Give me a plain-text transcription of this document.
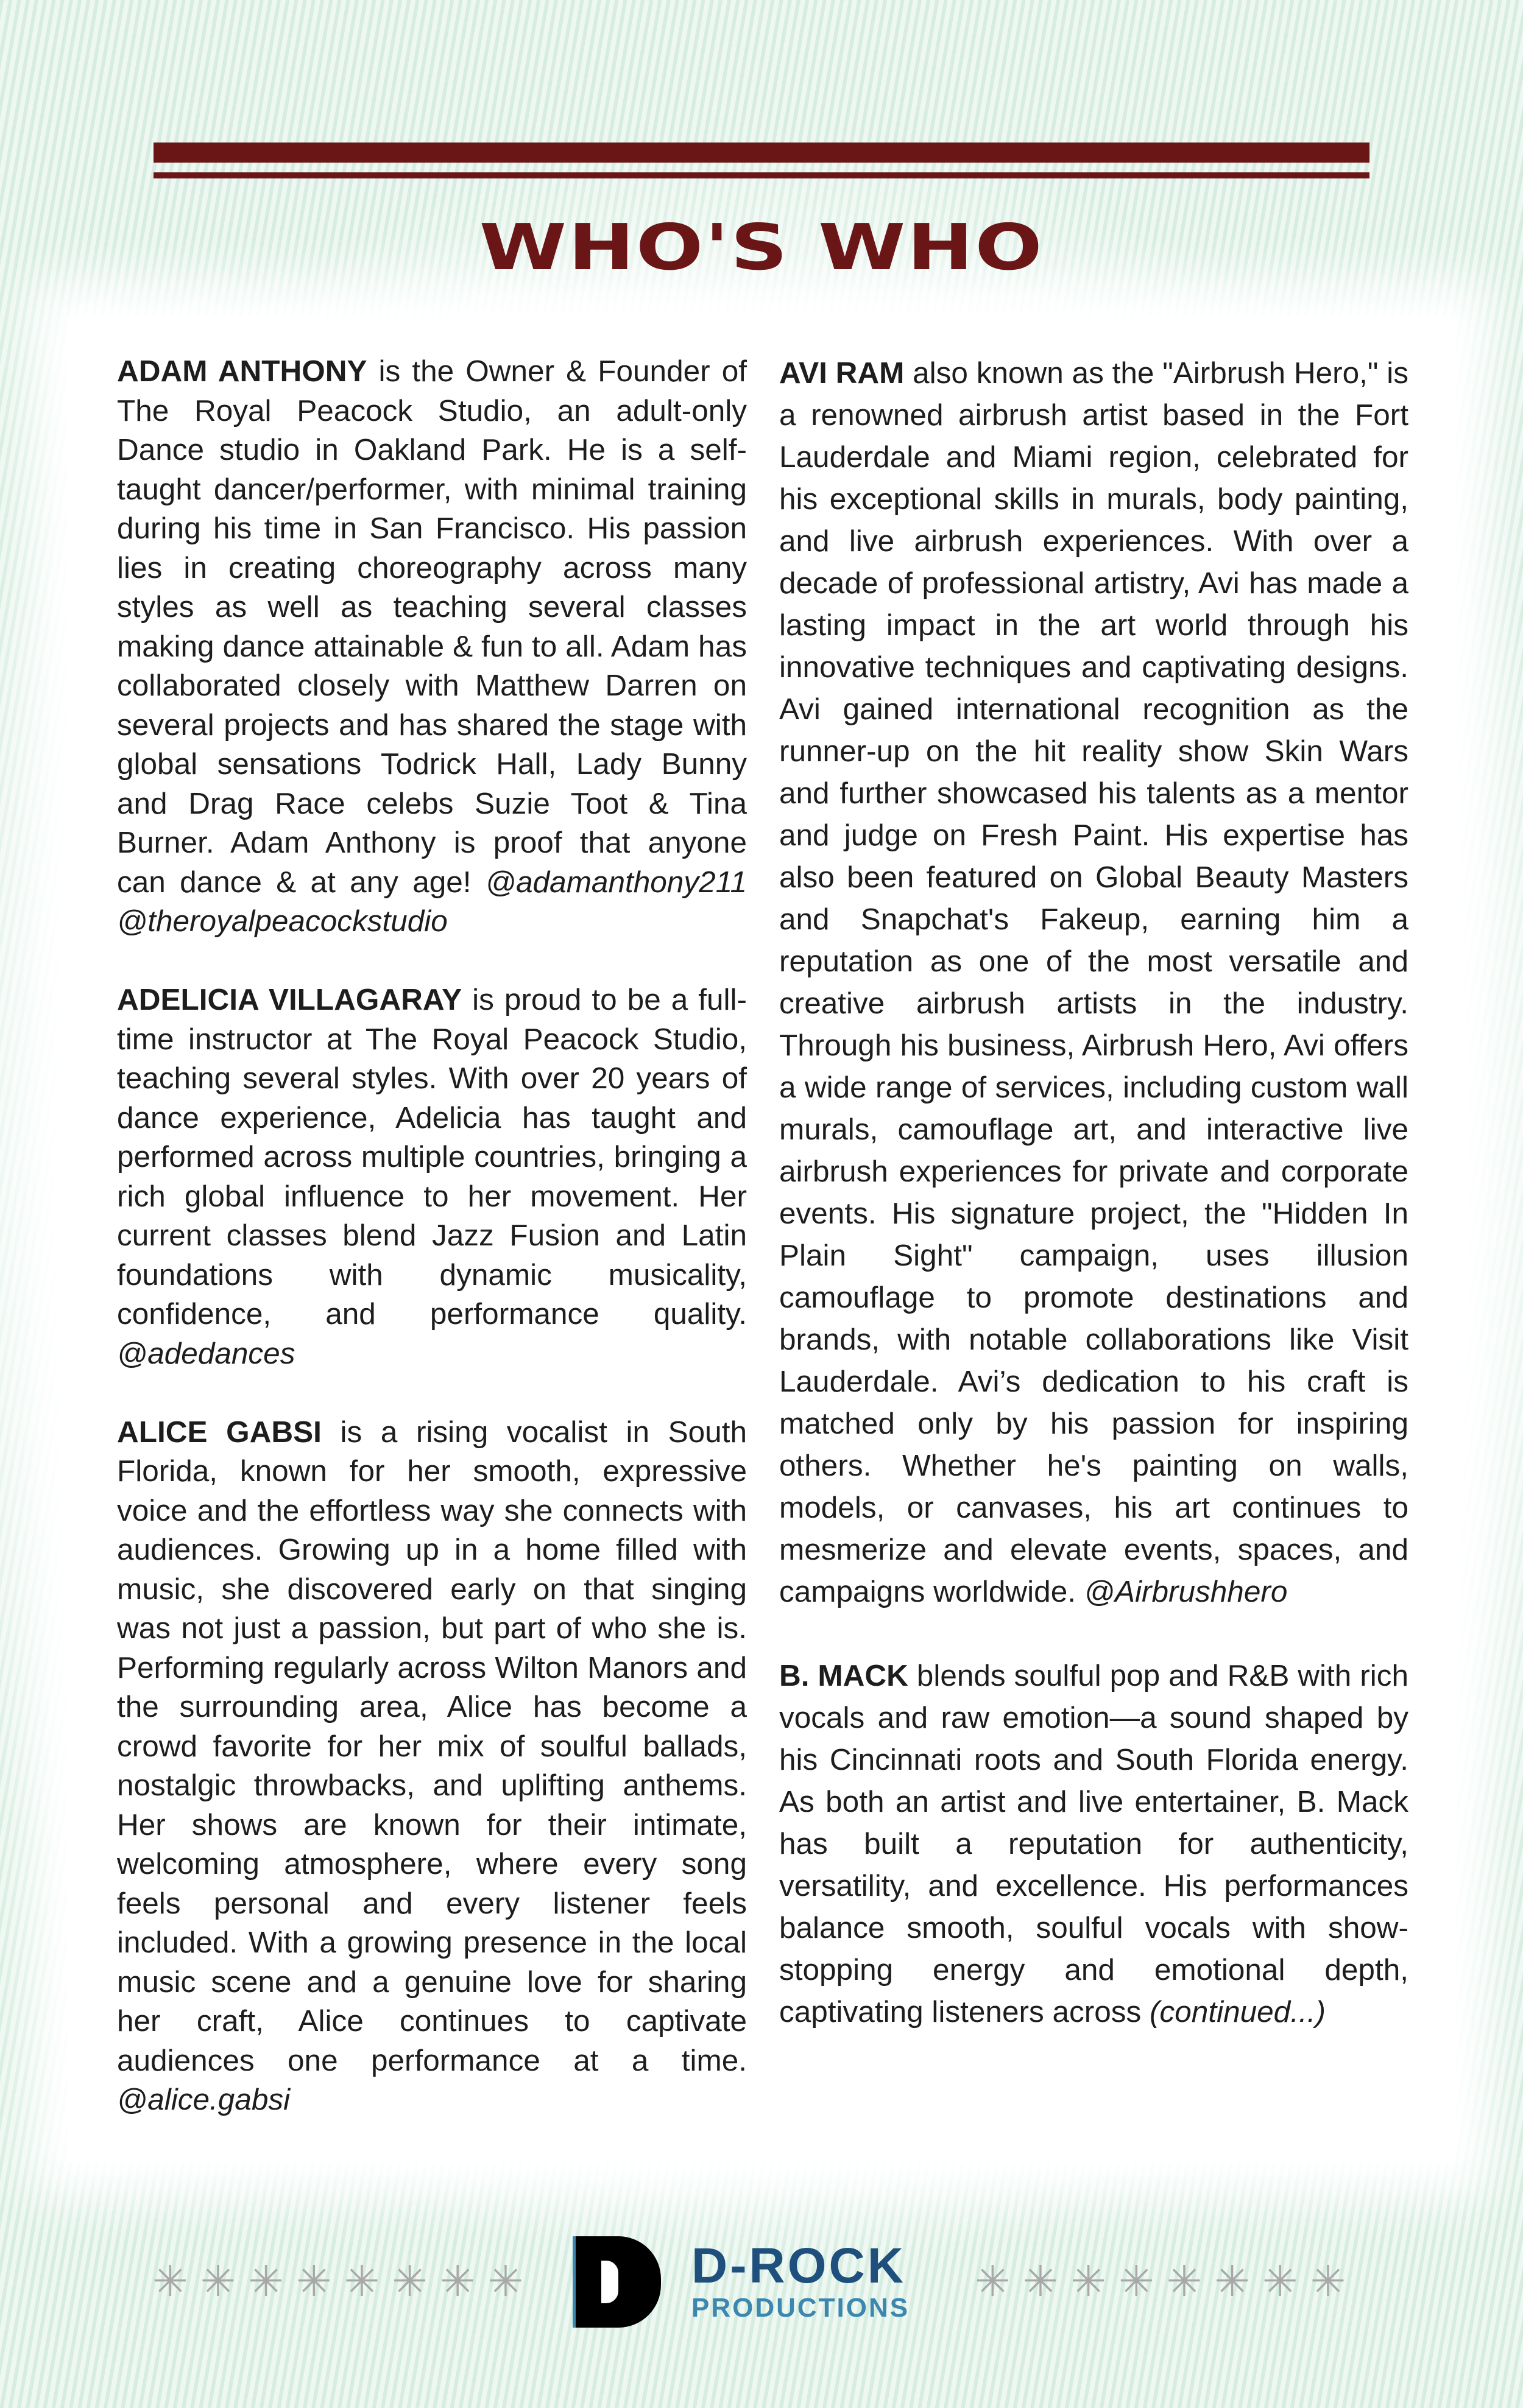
WHO'S WHO

ADAM ANTHONY is the Owner & Founder of The Royal Peacock Studio, an adult-only Dance studio in Oakland Park. He is a self-taught dancer/performer, with minimal training during his time in San Francisco. His passion lies in creating choreography across many styles as well as teaching several classes making dance attainable & fun to all. Adam has collaborated closely with Matthew Darren on several projects and has shared the stage with global sensations Todrick Hall, Lady Bunny and Drag Race celebs Suzie Toot & Tina Burner. Adam Anthony is proof that anyone can dance & at any age! @adamanthony211 @theroyalpeacockstudio

ADELICIA VILLAGARAY is proud to be a full-time instructor at The Royal Peacock Studio, teaching several styles. With over 20 years of dance experience, Adelicia has taught and performed across multiple countries, bringing a rich global influence to her movement. Her current classes blend Jazz Fusion and Latin foundations with dynamic musicality, confidence, and performance quality. @adedances

ALICE GABSI is a rising vocalist in South Florida, known for her smooth, expressive voice and the effortless way she connects with audiences. Growing up in a home filled with music, she discovered early on that singing was not just a passion, but part of who she is. Performing regularly across Wilton Manors and the surrounding area, Alice has become a crowd favorite for her mix of soulful ballads, nostalgic throwbacks, and uplifting anthems. Her shows are known for their intimate, welcoming atmosphere, where every song feels personal and every listener feels included. With a growing presence in the local music scene and a genuine love for sharing her craft, Alice continues to captivate audiences one performance at a time. @alice.gabsi

AVI RAM also known as the "Airbrush Hero," is a renowned airbrush artist based in the Fort Lauderdale and Miami region, celebrated for his exceptional skills in murals, body painting, and live airbrush experiences. With over a decade of professional artistry, Avi has made a lasting impact in the art world through his innovative techniques and captivating designs. Avi gained international recognition as the runner-up on the hit reality show Skin Wars and further showcased his talents as a mentor and judge on Fresh Paint. His expertise has also been featured on Global Beauty Masters and Snapchat's Fakeup, earning him a reputation as one of the most versatile and creative airbrush artists in the industry. Through his business, Airbrush Hero, Avi offers a wide range of services, including custom wall murals, camouflage art, and interactive live airbrush experiences for private and corporate events. His signature project, the "Hidden In Plain Sight" campaign, uses illusion camouflage to promote destinations and brands, with notable collaborations like Visit Lauderdale. Avi’s dedication to his craft is matched only by his passion for inspiring others. Whether he's painting on walls, models, or canvases, his art continues to mesmerize and elevate events, spaces, and campaigns worldwide. @Airbrushhero

B. MACK blends soulful pop and R&B with rich vocals and raw emotion—a sound shaped by his Cincinnati roots and South Florida energy. As both an artist and live entertainer, B. Mack has built a reputation for authenticity, versatility, and excellence. His performances balance smooth, soulful vocals with show-stopping energy and emotional depth, captivating listeners across (continued...)

✳✳✳✳✳✳✳✳	✳✳✳✳✳✳✳✳
D-ROCK
PRODUCTIONS
